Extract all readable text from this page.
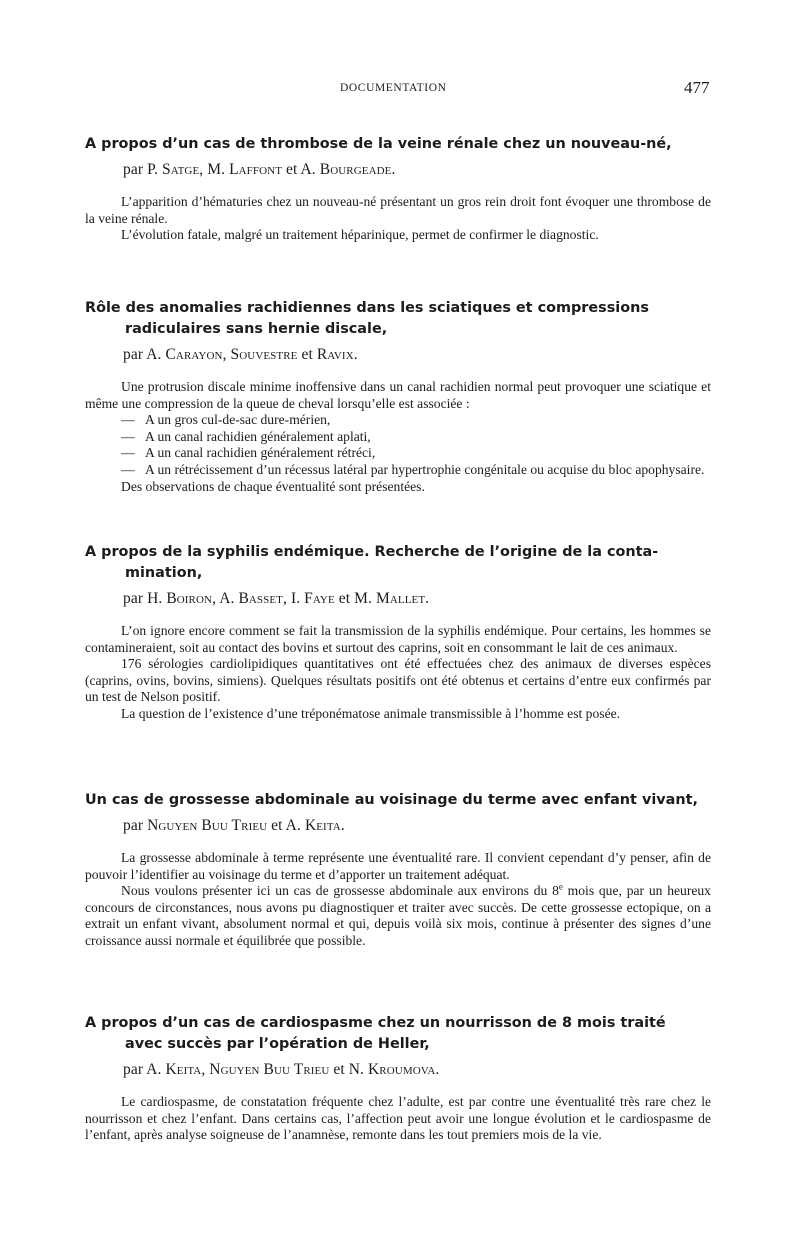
DOCUMENTATION	477
A propos d’un cas de thrombose de la veine rénale chez un nouveau-né,
par P. Satge, M. Laffont et A. Bourgeade.

L’apparition d’hématuries chez un nouveau-né présentant un gros rein droit font évoquer une thrombose de la veine rénale.

L’évolution fatale, malgré un traitement héparinique, permet de confirmer le diagnostic.

Rôle des anomalies rachidiennes dans les sciatiques et compressions
radiculaires sans hernie discale,
par A. Carayon, Souvestre et Ravix.

Une protrusion discale minime inoffensive dans un canal rachidien normal peut provoquer une sciatique et même une compression de la queue de cheval lorsqu’elle est associée :

— A un gros cul-de-sac dure-mérien,
— A un canal rachidien généralement aplati,
— A un canal rachidien généralement rétréci,
— A un rétrécissement d’un récessus latéral par hypertrophie congénitale ou acquise du bloc apophysaire.

Des observations de chaque éventualité sont présentées.

A propos de la syphilis endémique. Recherche de l’origine de la conta-
mination,
par H. Boiron, A. Basset, I. Faye et M. Mallet.

L’on ignore encore comment se fait la transmission de la syphilis endémique. Pour certains, les hommes se contamineraient, soit au contact des bovins et surtout des caprins, soit en consommant le lait de ces animaux.

176 sérologies cardiolipidiques quantitatives ont été effectuées chez des animaux de diverses espèces (caprins, ovins, bovins, simiens). Quelques résultats positifs ont été obtenus et certains d’entre eux confirmés par un test de Nelson positif.

La question de l’existence d’une tréponématose animale transmissible à l’homme est posée.

Un cas de grossesse abdominale au voisinage du terme avec enfant vivant,
par Nguyen Buu Trieu et A. Keita.

La grossesse abdominale à terme représente une éventualité rare. Il convient cependant d’y penser, afin de pouvoir l’identifier au voisinage du terme et d’apporter un traitement adéquat.

Nous voulons présenter ici un cas de grossesse abdominale aux environs du 8e mois que, par un heureux concours de circonstances, nous avons pu diagnostiquer et traiter avec succès. De cette grossesse ectopique, on a extrait un enfant vivant, absolument normal et qui, depuis voilà six mois, continue à présenter des signes d’une croissance aussi normale et équilibrée que possible.

A propos d’un cas de cardiospasme chez un nourrisson de 8 mois traité
avec succès par l’opération de Heller,
par A. Keita, Nguyen Buu Trieu et N. Kroumova.

Le cardiospasme, de constatation fréquente chez l’adulte, est par contre une éventualité très rare chez le nourrisson et chez l’enfant. Dans certains cas, l’affection peut avoir une longue évolution et le cardiospasme de l’enfant, après analyse soigneuse de l’anamnèse, remonte dans les tout premiers mois de la vie.
